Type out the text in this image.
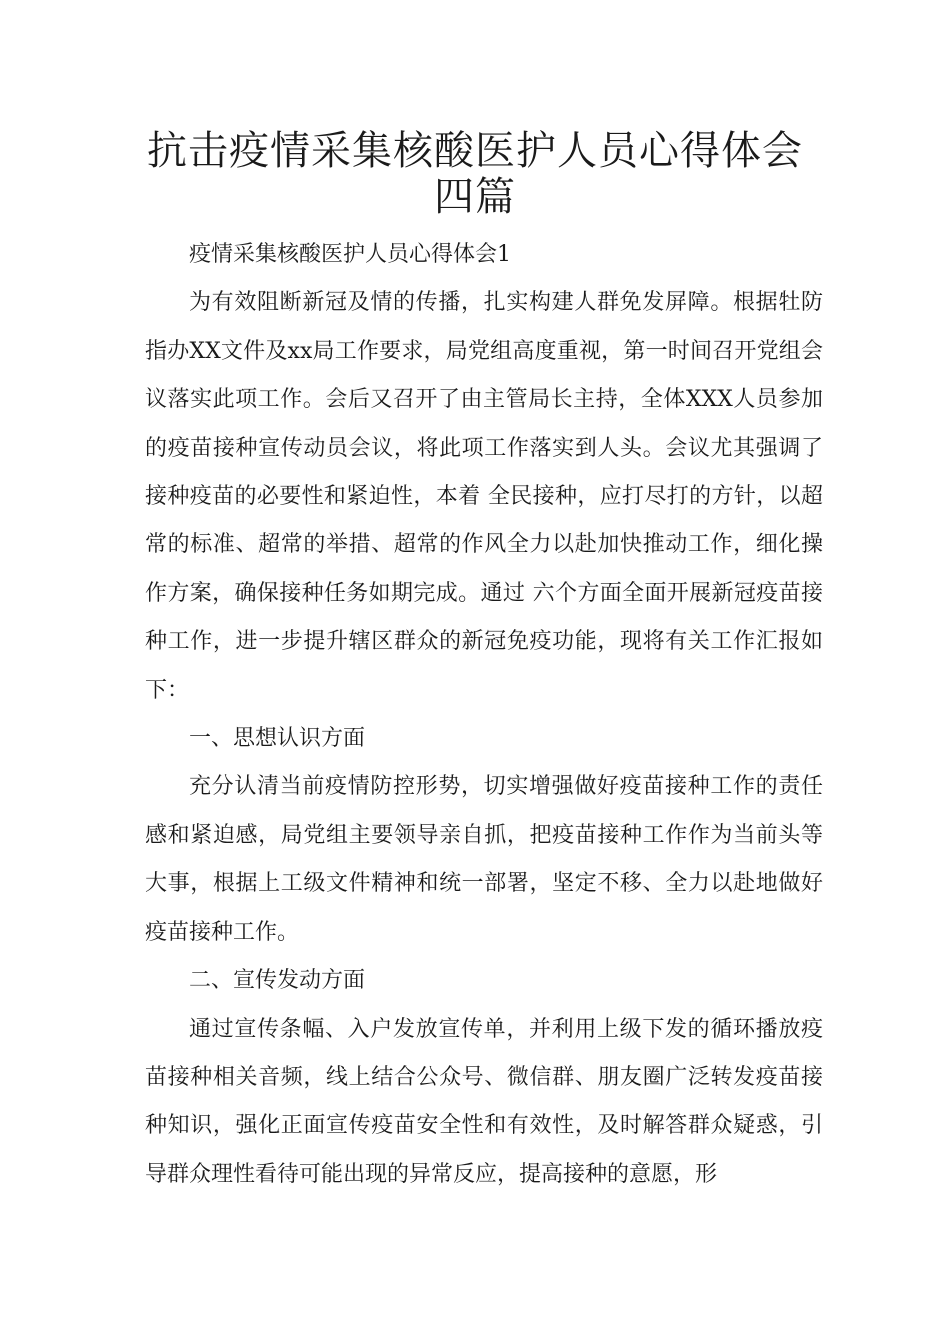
抗击疫情采集核酸医护人员心得体会四篇

疫情采集核酸医护人员心得体会1

为有效阻断新冠及情的传播，扎实构建人群免发屏障。根据牡防指办XX文件及xx局工作要求，局党组高度重视，第一时间召开党组会议落实此项工作。会后又召开了由主管局长主持，全体XXX人员参加的疫苗接种宣传动员会议，将此项工作落实到人头。会议尤其强调了接种疫苗的必要性和紧迫性，本着 全民接种，应打尽打的方针，以超常的标准、超常的举措、超常的作风全力以赴加快推动工作，细化操作方案，确保接种任务如期完成。通过 六个方面全面开展新冠疫苗接种工作，进一步提升辖区群众的新冠免疫功能，现将有关工作汇报如下：

一、思想认识方面

充分认清当前疫情防控形势，切实增强做好疫苗接种工作的责任感和紧迫感，局党组主要领导亲自抓，把疫苗接种工作作为当前头等大事，根据上工级文件精神和统一部署，坚定不移、全力以赴地做好疫苗接种工作。

二、宣传发动方面

通过宣传条幅、入户发放宣传单，并利用上级下发的循环播放疫苗接种相关音频，线上结合公众号、微信群、朋友圈广泛转发疫苗接种知识，强化正面宣传疫苗安全性和有效性，及时解答群众疑惑，引导群众理性看待可能出现的异常反应，提高接种的意愿，形
